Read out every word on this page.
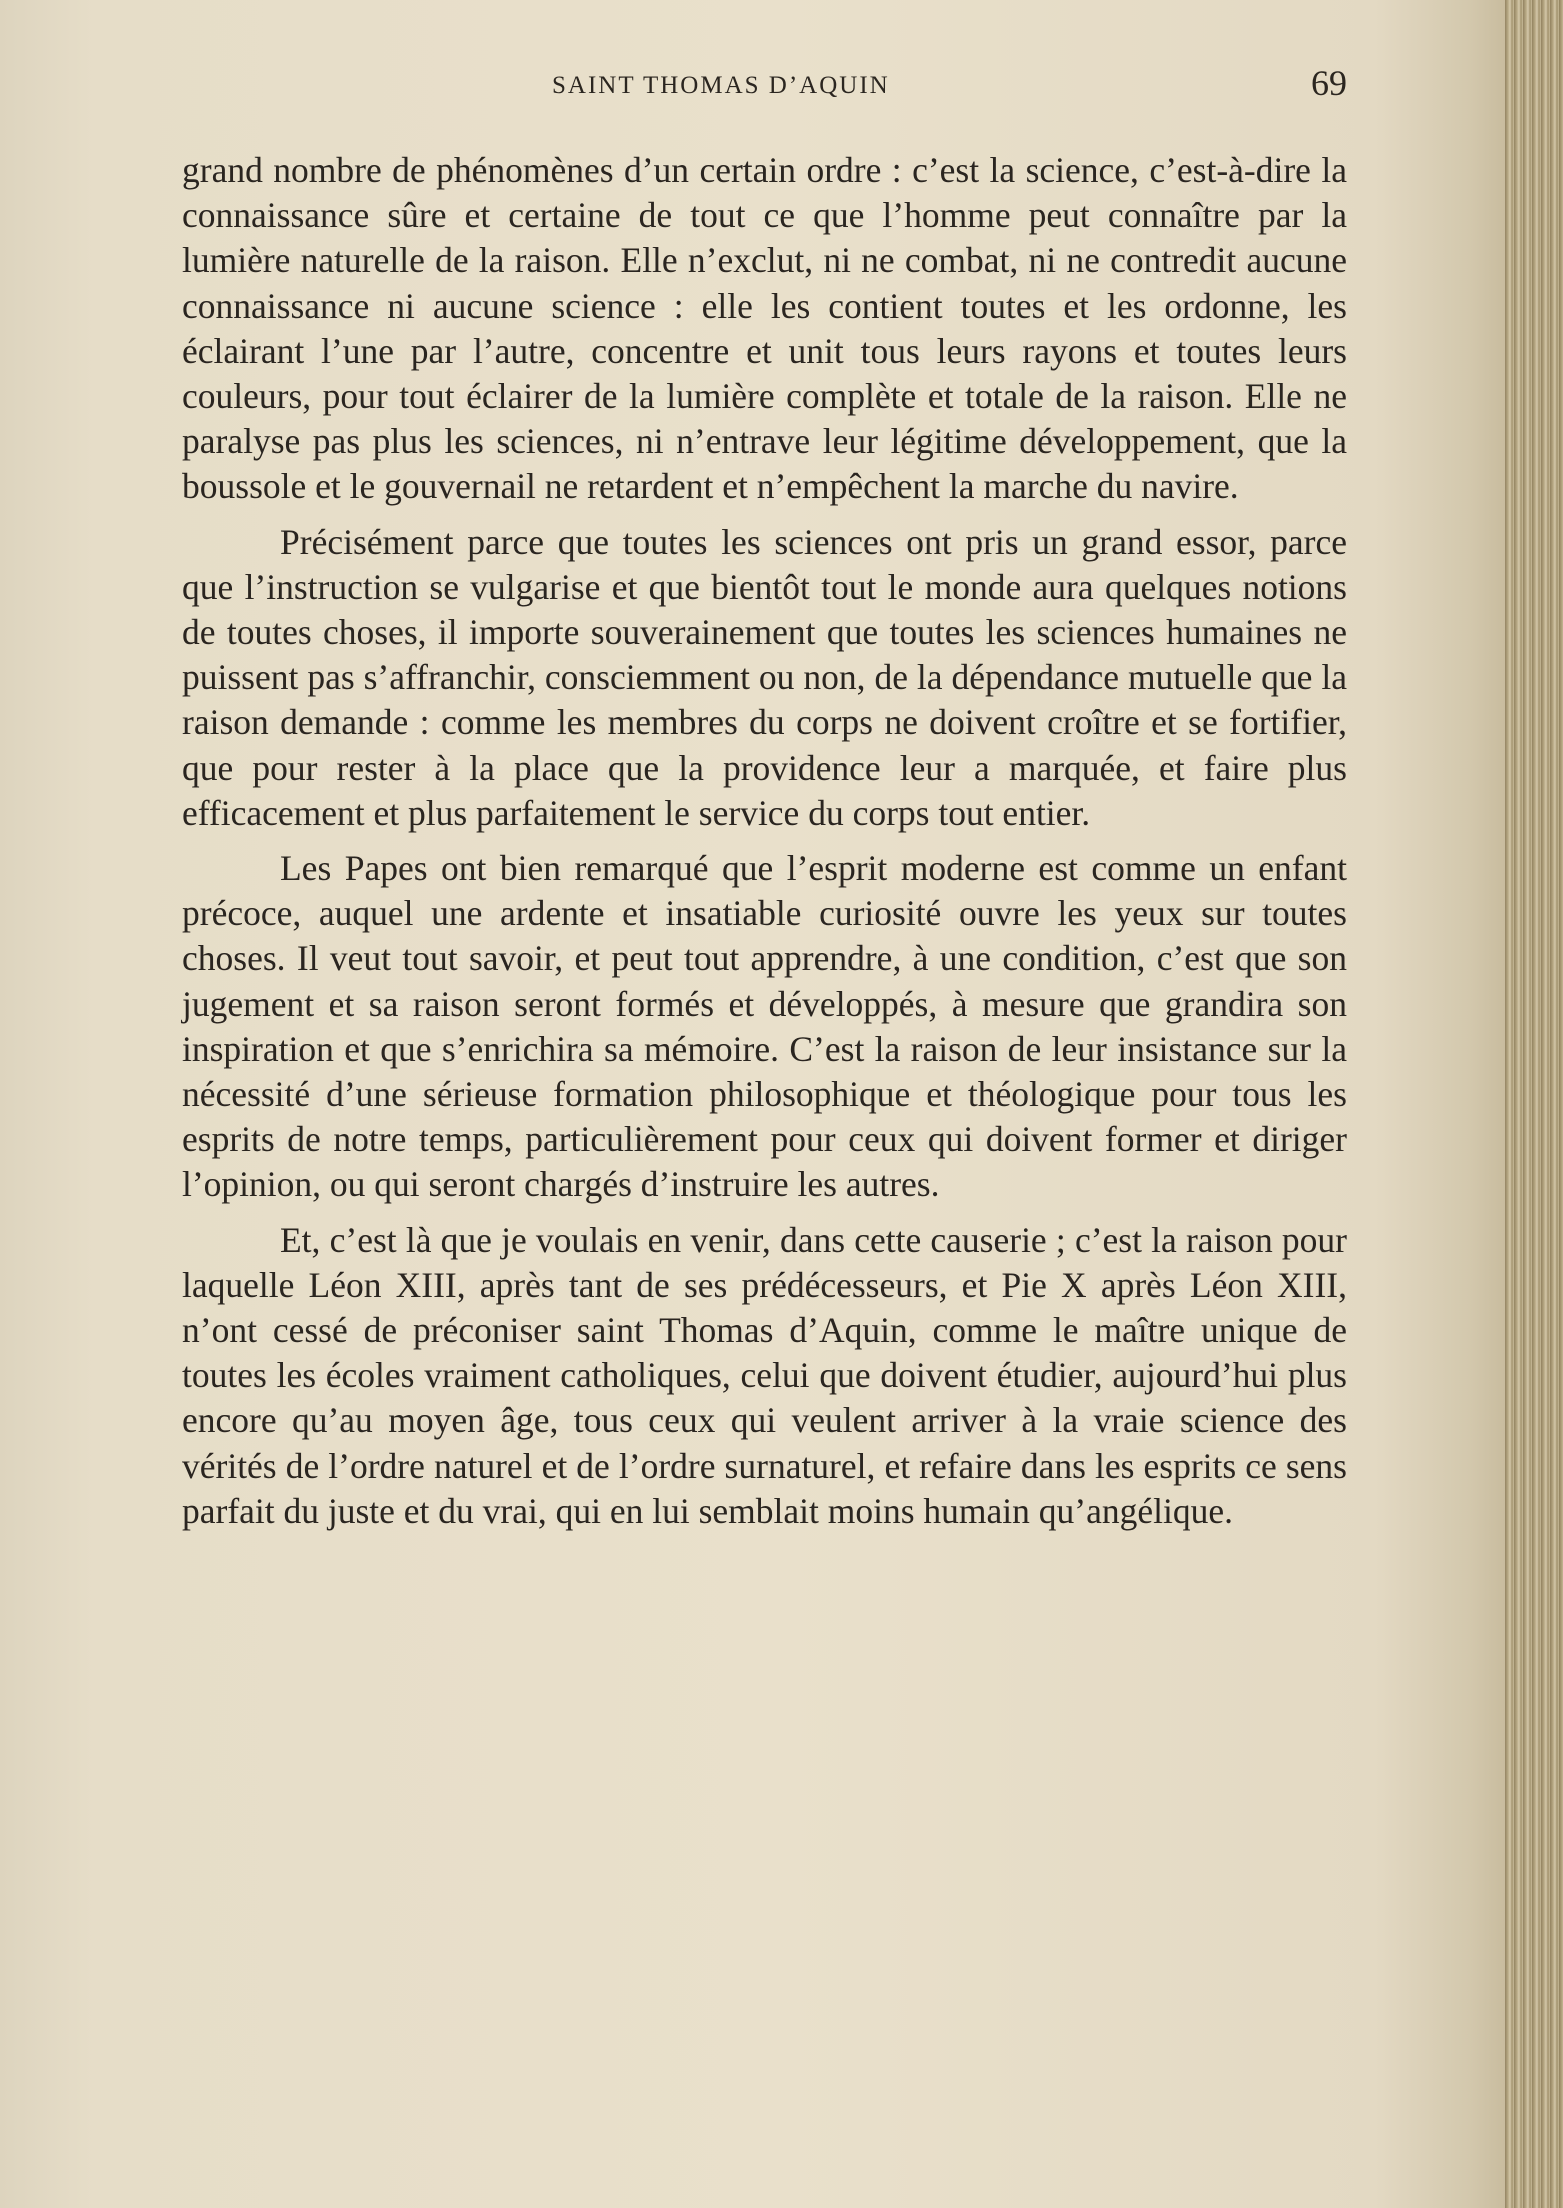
SAINT THOMAS D’AQUIN	69

grand nombre de phénomènes d’un certain ordre : c’est la science, c’est-à-dire la connaissance sûre et certaine de tout ce que l’homme peut connaître par la lumière naturelle de la raison. Elle n’exclut, ni ne combat, ni ne contredit aucune connaissance ni aucune science : elle les contient toutes et les ordonne, les éclairant l’une par l’autre, concentre et unit tous leurs rayons et toutes leurs couleurs, pour tout éclairer de la lumière complète et totale de la raison. Elle ne paralyse pas plus les sciences, ni n’entrave leur légitime développement, que la boussole et le gouvernail ne retardent et n’empêchent la marche du navire.

Précisément parce que toutes les sciences ont pris un grand essor, parce que l’instruction se vulgarise et que bientôt tout le monde aura quelques notions de toutes choses, il importe souverainement que toutes les sciences humaines ne puissent pas s’affranchir, consciemment ou non, de la dépendance mutuelle que la raison demande : comme les membres du corps ne doivent croître et se fortifier, que pour rester à la place que la providence leur a marquée, et faire plus efficacement et plus parfaitement le service du corps tout entier.

Les Papes ont bien remarqué que l’esprit moderne est comme un enfant précoce, auquel une ardente et insatiable curiosité ouvre les yeux sur toutes choses. Il veut tout savoir, et peut tout apprendre, à une condition, c’est que son jugement et sa raison seront formés et développés, à mesure que grandira son inspiration et que s’enrichira sa mémoire. C’est la raison de leur insistance sur la nécessité d’une sérieuse formation philosophique et théologique pour tous les esprits de notre temps, particulièrement pour ceux qui doivent former et diriger l’opinion, ou qui seront chargés d’instruire les autres.

Et, c’est là que je voulais en venir, dans cette causerie ; c’est la raison pour laquelle Léon XIII, après tant de ses prédécesseurs, et Pie X après Léon XIII, n’ont cessé de préconiser saint Thomas d’Aquin, comme le maître unique de toutes les écoles vraiment catholiques, celui que doivent étudier, aujourd’hui plus encore qu’au moyen âge, tous ceux qui veulent arriver à la vraie science des vérités de l’ordre naturel et de l’ordre surnaturel, et refaire dans les esprits ce sens parfait du juste et du vrai, qui en lui semblait moins humain qu’angélique.
